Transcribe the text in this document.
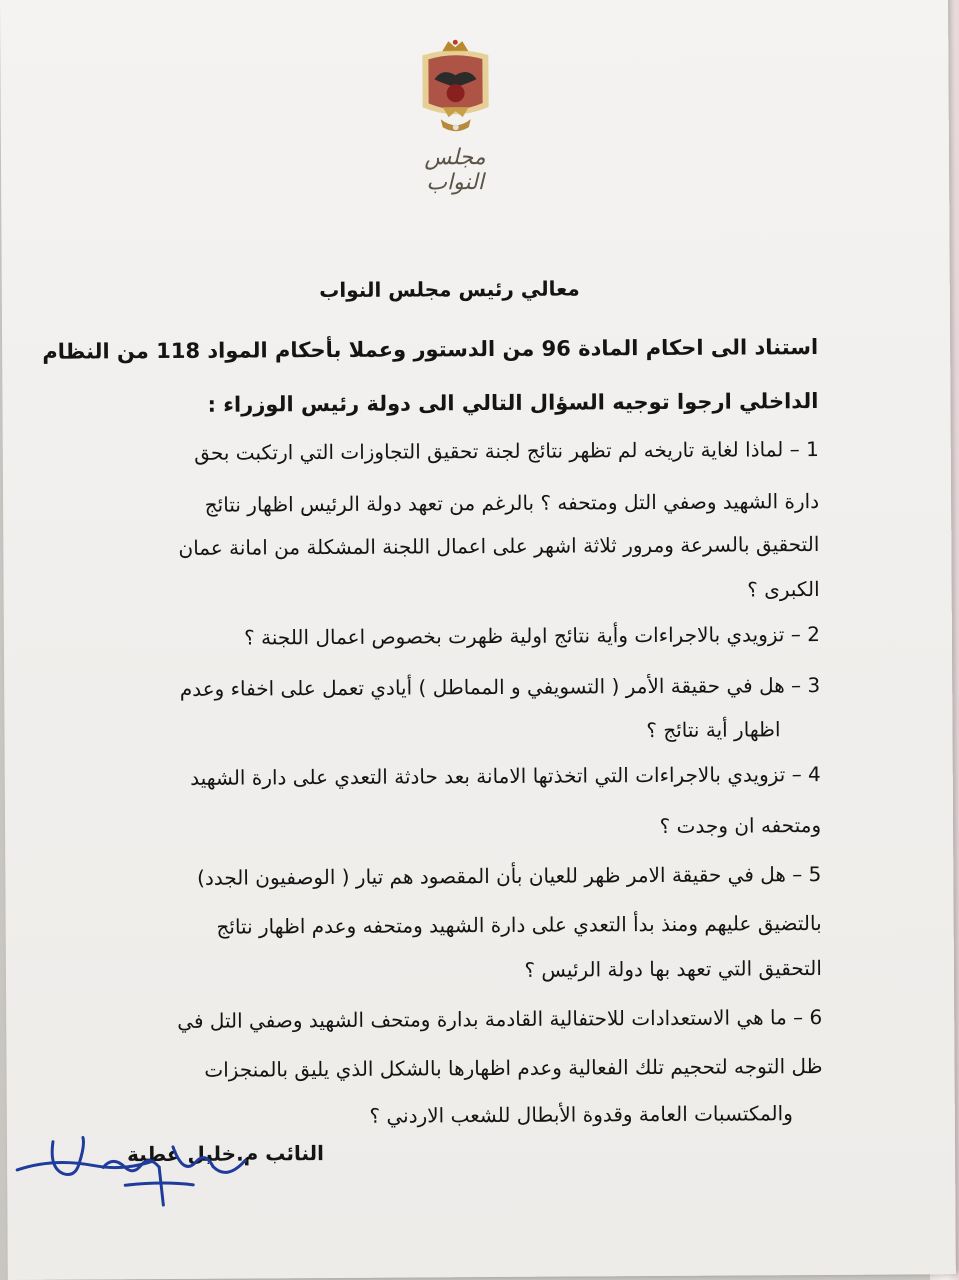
مجلس النواب
معالي رئيس مجلس النواب
استناد الى احكام المادة 96 من الدستور وعملا بأحكام المواد 118 من النظام
الداخلي ارجوا توجيه السؤال التالي الى دولة رئيس الوزراء :
1 – لماذا لغاية تاريخه لم تظهر نتائج لجنة تحقيق التجاوزات التي ارتكبت بحق
دارة الشهيد وصفي التل ومتحفه ؟ بالرغم من تعهد دولة الرئيس اظهار نتائج
التحقيق بالسرعة ومرور ثلاثة اشهر على اعمال اللجنة المشكلة من امانة عمان
الكبرى ؟
2 – تزويدي بالاجراءات وأية نتائج اولية ظهرت بخصوص اعمال اللجنة ؟
3 – هل في حقيقة الأمر ( التسويفي و المماطل ) أيادي تعمل على اخفاء وعدم
اظهار أية نتائج ؟
4 – تزويدي بالاجراءات التي اتخذتها الامانة بعد حادثة التعدي على دارة الشهيد
ومتحفه ان وجدت ؟
5 – هل في حقيقة الامر ظهر للعيان بأن المقصود هم تيار ( الوصفيون الجدد)
بالتضيق عليهم ومنذ بدأ التعدي على دارة الشهيد ومتحفه وعدم اظهار نتائج
التحقيق التي تعهد بها دولة الرئيس ؟
6 – ما هي الاستعدادات للاحتفالية القادمة بدارة ومتحف الشهيد وصفي التل في
ظل التوجه لتحجيم تلك الفعالية وعدم اظهارها بالشكل الذي يليق بالمنجزات
والمكتسبات العامة وقدوة الأبطال للشعب الاردني ؟
النائب م.خليل عطية
